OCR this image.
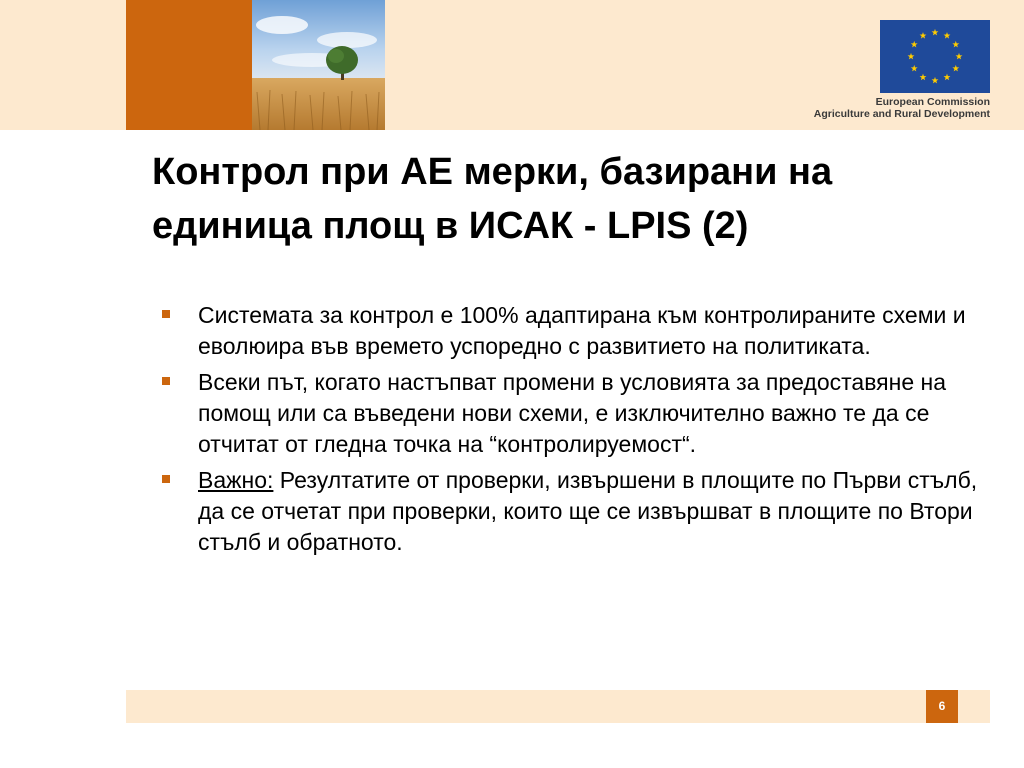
European Commission
Agriculture and Rural Development
Контрол при АЕ мерки, базирани на
единица площ в ИСАК - LPIS (2)
Системата за контрол е 100% адаптирана към контролираните схеми и еволюира във времето успоредно с развитието на политиката.
Всеки път, когато настъпват промени в условията за предоставяне на помощ или са въведени нови схеми, е изключително важно те да се отчитат от гледна точка на “контролируемост“.
Важно: Резултатите от проверки, извършени в площите по Първи стълб, да се отчетат при проверки, които ще се извършват в площите по Втори стълб и обратното.
6
